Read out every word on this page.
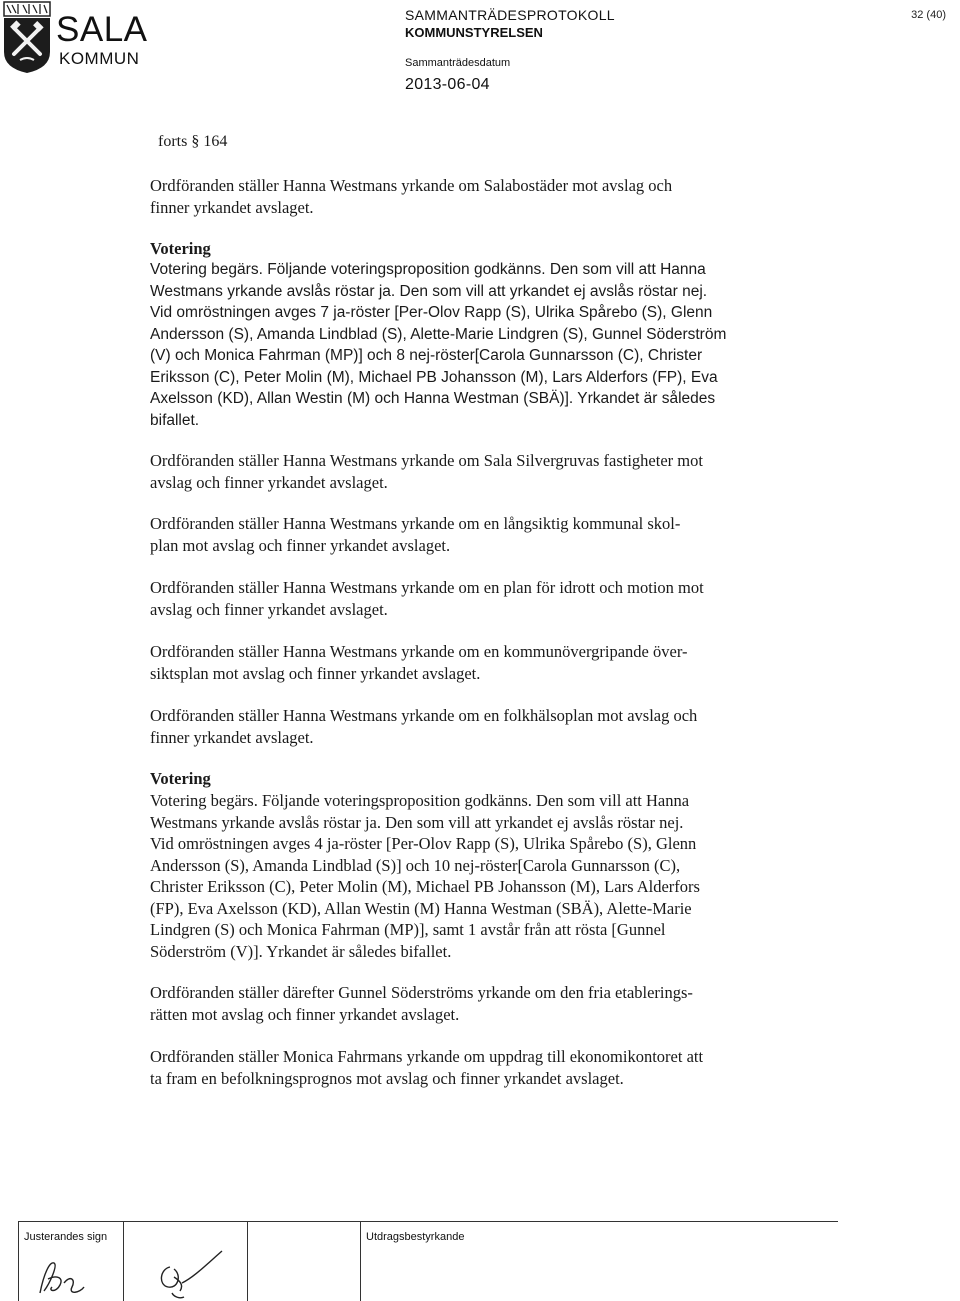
SALA
KOMMUN
SAMMANTRÄDESPROTOKOLL
KOMMUNSTYRELSEN
Sammanträdesdatum
2013-06-04
32 (40)
forts § 164

Ordföranden ställer Hanna Westmans yrkande om Salabostäder mot avslag och
finner yrkandet avslaget.

Votering

Votering begärs. Följande voteringsproposition godkänns. Den som vill att Hanna
Westmans yrkande avslås röstar ja. Den som vill att yrkandet ej avslås röstar nej.
Vid omröstningen avges 7 ja-röster [Per-Olov Rapp (S), Ulrika Spårebo (S), Glenn
Andersson (S), Amanda Lindblad (S), Alette-Marie Lindgren (S), Gunnel Söderström
(V) och Monica Fahrman (MP)] och 8 nej-röster[Carola Gunnarsson (C), Christer
Eriksson (C), Peter Molin (M), Michael PB Johansson (M), Lars Alderfors (FP), Eva
Axelsson (KD), Allan Westin (M) och Hanna Westman (SBÄ)]. Yrkandet är således
bifallet.

Ordföranden ställer Hanna Westmans yrkande om Sala Silvergruvas fastigheter mot
avslag och finner yrkandet avslaget.

Ordföranden ställer Hanna Westmans yrkande om en långsiktig kommunal skol-
plan mot avslag och finner yrkandet avslaget.

Ordföranden ställer Hanna Westmans yrkande om en plan för idrott och motion mot
avslag och finner yrkandet avslaget.

Ordföranden ställer Hanna Westmans yrkande om en kommunövergripande över-
siktsplan mot avslag och finner yrkandet avslaget.

Ordföranden ställer Hanna Westmans yrkande om en folkhälsoplan mot avslag och
finner yrkandet avslaget.

Votering

Votering begärs. Följande voteringsproposition godkänns. Den som vill att Hanna
Westmans yrkande avslås röstar ja. Den som vill att yrkandet ej avslås röstar nej.
Vid omröstningen avges 4 ja-röster [Per-Olov Rapp (S), Ulrika Spårebo (S), Glenn
Andersson (S), Amanda Lindblad (S)] och 10 nej-röster[Carola Gunnarsson (C),
Christer Eriksson (C), Peter Molin (M), Michael PB Johansson (M), Lars Alderfors
(FP), Eva Axelsson (KD), Allan Westin (M) Hanna Westman (SBÄ), Alette-Marie
Lindgren (S) och Monica Fahrman (MP)], samt 1 avstår från att rösta [Gunnel
Söderström (V)]. Yrkandet är således bifallet.

Ordföranden ställer därefter Gunnel Söderströms yrkande om den fria etablerings-
rätten mot avslag och finner yrkandet avslaget.

Ordföranden ställer Monica Fahrmans yrkande om uppdrag till ekonomikontoret att
ta fram en befolkningsprognos mot avslag och finner yrkandet avslaget.

Justerandes sign	Utdragsbestyrkande
